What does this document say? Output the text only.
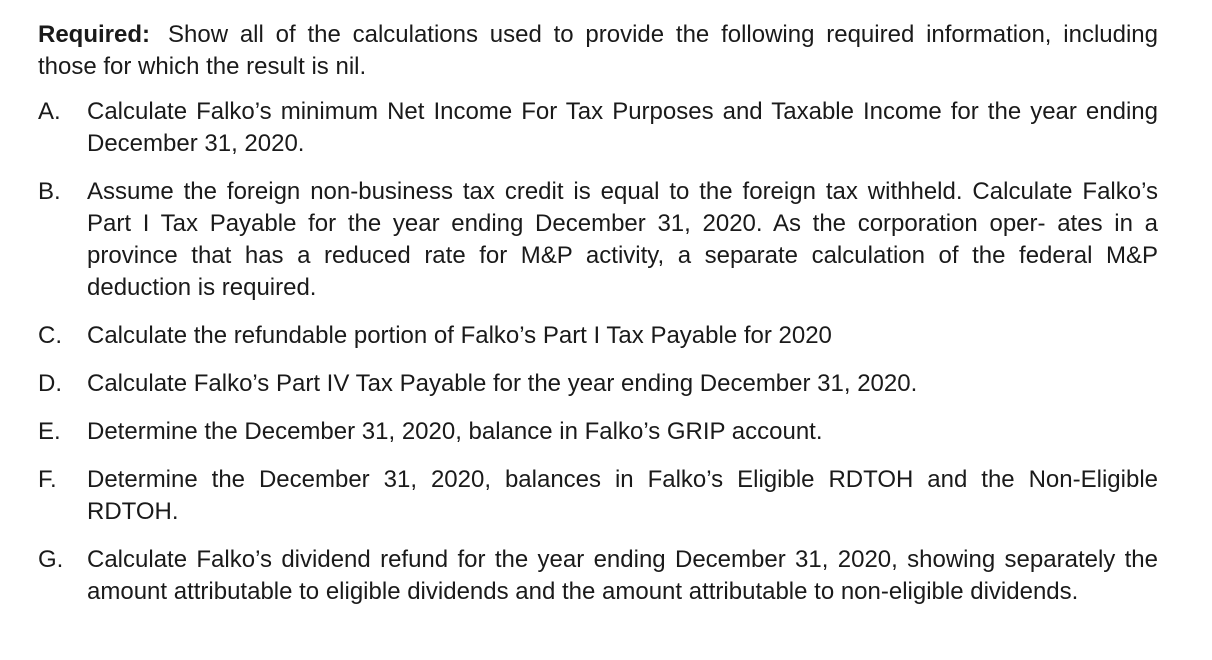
Required: Show all of the calculations used to provide the following required information, including those for which the result is nil.

A.	Calculate Falko’s minimum Net Income For Tax Purposes and Taxable Income for the year ending December 31, 2020.
B.	Assume the foreign non-business tax credit is equal to the foreign tax withheld. Calculate Falko’s Part I Tax Payable for the year ending December 31, 2020. As the corporation oper- ates in a province that has a reduced rate for M&P activity, a separate calculation of the federal M&P deduction is required.
C.	Calculate the refundable portion of Falko’s Part I Tax Payable for 2020
D.	Calculate Falko’s Part IV Tax Payable for the year ending December 31, 2020.
E.	Determine the December 31, 2020, balance in Falko’s GRIP account.
F.	Determine the December 31, 2020, balances in Falko’s Eligible RDTOH and the Non-Eligible RDTOH.
G. Calculate Falko’s dividend refund for the year ending December 31, 2020, showing separately the amount attributable to eligible dividends and the amount attributable to non-eligible dividends.
